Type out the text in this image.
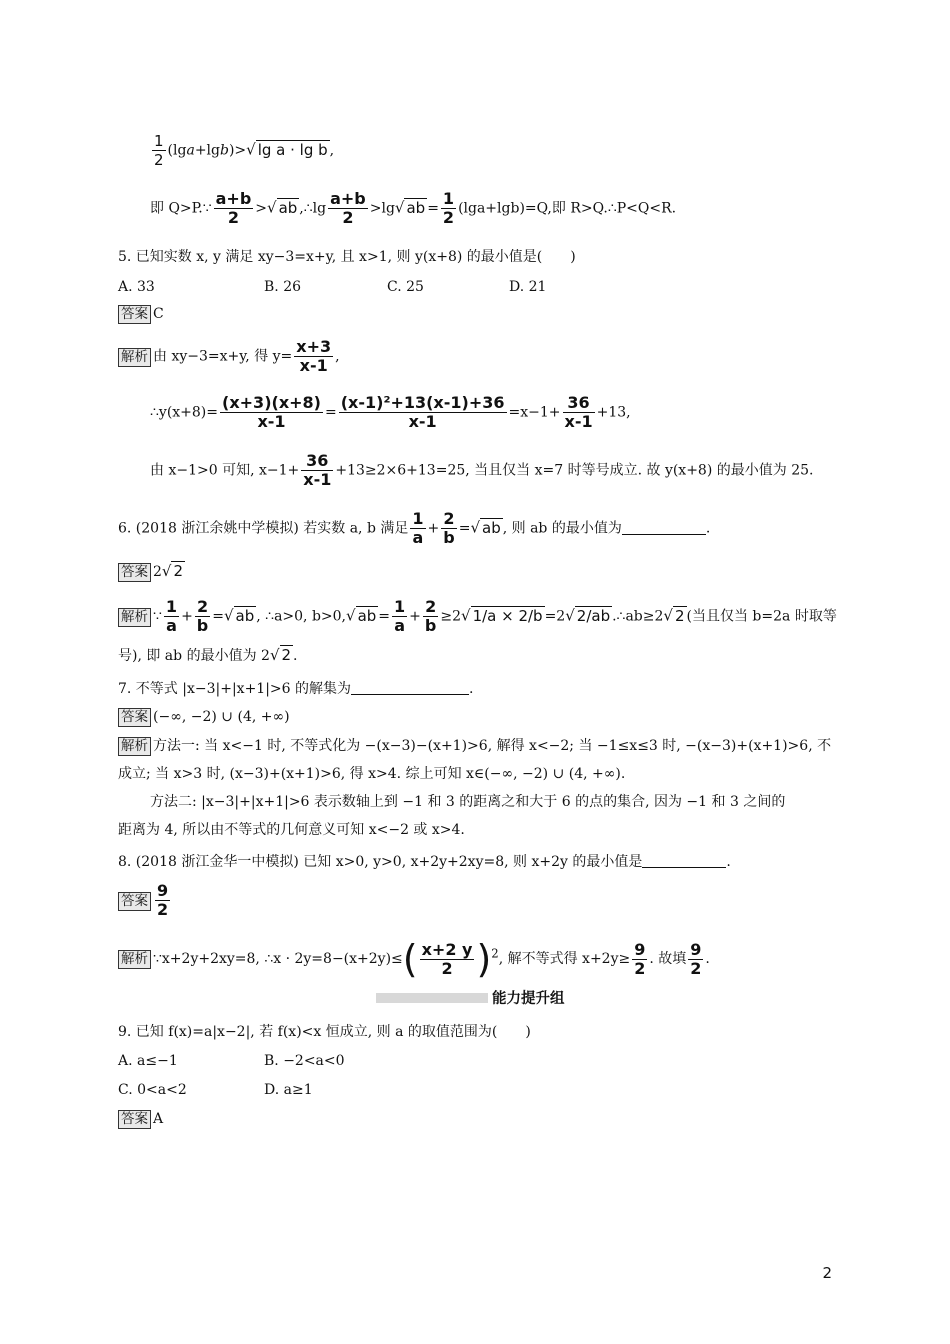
$\frac{1}{2} (\lg a+\lg b)>√$ lg a · lg b ,
即 Q>P.∵ $\frac{a+b}{2}$ >√ ab ,∴lg $\frac{a+b}{2} >\lg√$ ab = $\frac{1}{2} (\lg a+\lg b)=Q$,即 R>Q.∴P<Q<R.
5. 已知实数 x, y 满足 xy−3=x+y, 且 x>1, 则 y(x+8) 的最小值是(　　)
A. 33	B. 26	C. 25	D. 21
答案 C
解析 由 xy−3=x+y, 得 $y= \frac{x+3}{x-1}$ ,
∴y(x+8)= $\frac{(x+3)(x+8)}{x-1} = \frac{\text{(x-1)²+13(x-1)+36}}{x-1} =x-1+ \frac{36}{x-1} +13$,
由 x−1>0 可知, $x-1+ \frac{36}{x-1} +13\ge 2\times 6+13=25$, 当且仅当 x=7 时等号成立. 故 y(x+8) 的最小值为 25.
6. (2018 浙江余姚中学模拟) 若实数 a, b 满足 $\frac{1}{a} + \frac{2}{b}$ =√ ab , 则 ab 的最小值为	.
答案 2√ 2
解析 ∵ $\frac{1}{a} + \frac{2}{b}$ =√ ab , ∴a>0, b>0,√ ab = $\frac{1}{a} + \frac{2}{b} \ge 2√$ 1/a × 2/b =2√ 2/ab .∴ab≥2√ 2 (当且仅当 b=2a 时取等
号), 即 ab 的最小值为 2√ 2 .
7. 不等式 |x−3|+|x+1|>6 的解集为	.
答案 (−∞, −2) ∪ (4, +∞)
解析 方法一: 当 x<−1 时, 不等式化为 −(x−3)−(x+1)>6, 解得 x<−2; 当 −1≤x≤3 时, −(x−3)+(x+1)>6, 不
成立; 当 x>3 时, (x−3)+(x+1)>6, 得 x>4. 综上可知 x∈(−∞, −2) ∪ (4, +∞).
方法二: |x−3|+|x+1|>6 表示数轴上到 −1 和 3 的距离之和大于 6 的点的集合, 因为 −1 和 3 之间的
距离为 4, 所以由不等式的几何意义可知 x<−2 或 x>4.
8. (2018 浙江金华一中模拟) 已知 x>0, y>0, x+2y+2xy=8, 则 x+2y 的最小值是	.
答案 $\frac{9}{2}$
解析 ∵x+2y+2xy=8, ∴x · $2y=8-(x+2y)\le( \frac{x+2 y}{2} )^2$, 解不等式得 $x+2y\ge \frac{9}{2}$ . 故填 $\frac{9}{2}$ .
能力提升组
9. 已知 f(x)=a|x−2|, 若 f(x)<x 恒成立, 则 a 的取值范围为(　　)
A. a≤−1	B. −2<a<0
C. 0<a<2	D. a≥1
答案 A
2
